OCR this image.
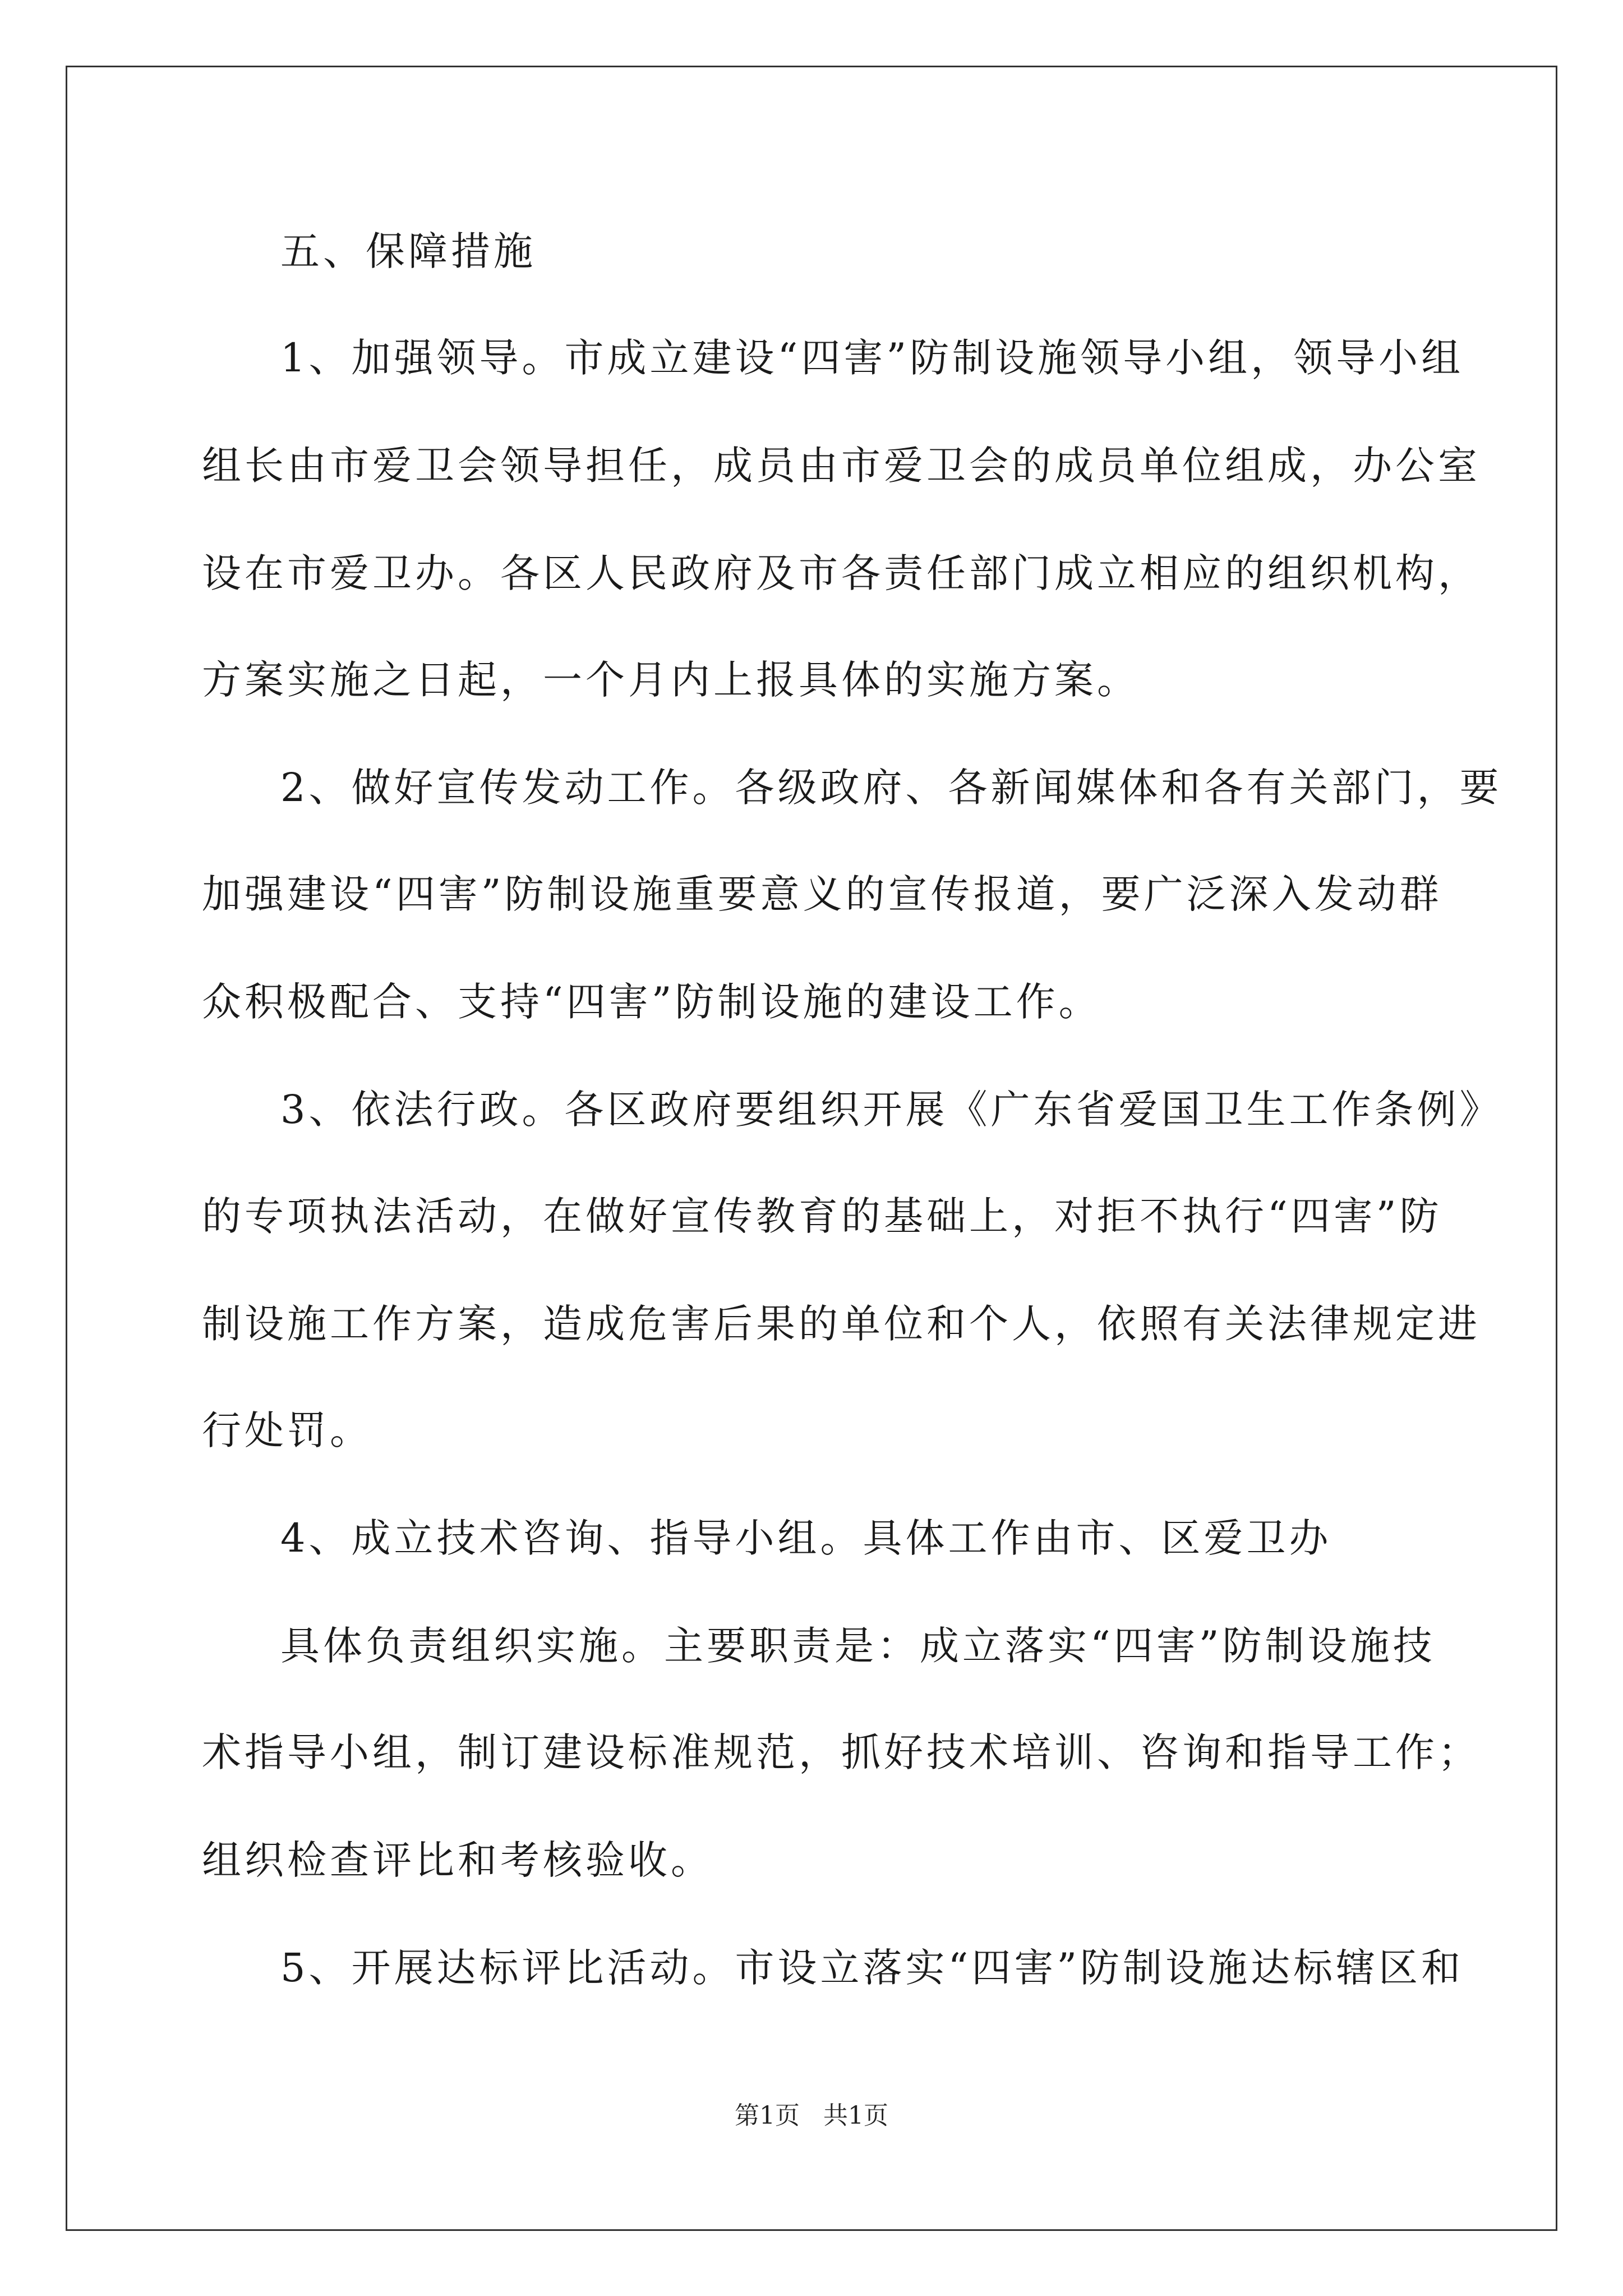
五、保障措施
1、加强领导。市成立建设“四害”防制设施领导小组，领导小组
组长由市爱卫会领导担任，成员由市爱卫会的成员单位组成，办公室
设在市爱卫办。各区人民政府及市各责任部门成立相应的组织机构，
方案实施之日起，一个月内上报具体的实施方案。
2、做好宣传发动工作。各级政府、各新闻媒体和各有关部门，要
加强建设“四害”防制设施重要意义的宣传报道，要广泛深入发动群
众积极配合、支持“四害”防制设施的建设工作。
3、依法行政。各区政府要组织开展《广东省爱国卫生工作条例》
的专项执法活动，在做好宣传教育的基础上，对拒不执行“四害”防
制设施工作方案，造成危害后果的单位和个人，依照有关法律规定进
行处罚。
4、成立技术咨询、指导小组。具体工作由市、区爱卫办
具体负责组织实施。主要职责是：成立落实“四害”防制设施技
术指导小组，制订建设标准规范，抓好技术培训、咨询和指导工作；
组织检查评比和考核验收。
5、开展达标评比活动。市设立落实“四害”防制设施达标辖区和
第1页 共1页
